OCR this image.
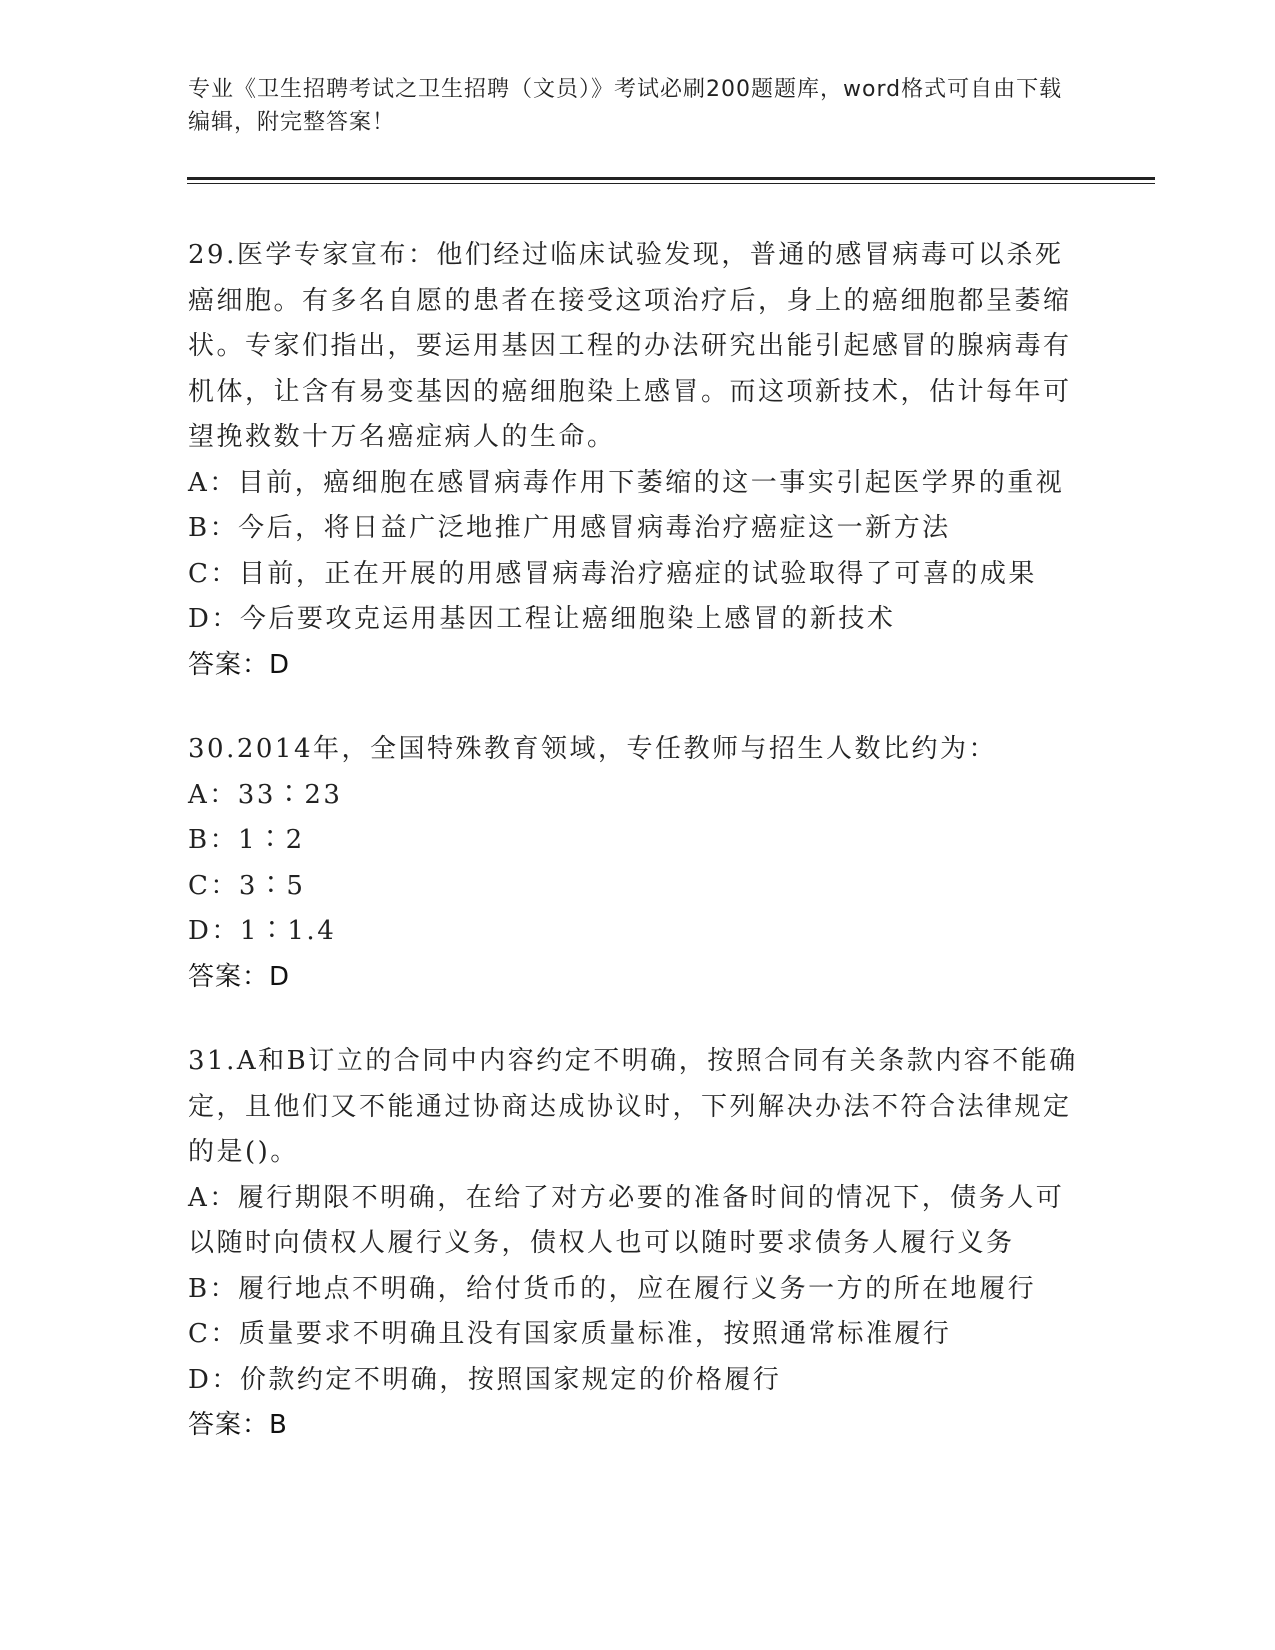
专业《卫生招聘考试之卫生招聘（文员）》考试必刷200题题库，word格式可自由下载编辑，附完整答案！

29.医学专家宣布：他们经过临床试验发现，普通的感冒病毒可以杀死癌细胞。有多名自愿的患者在接受这项治疗后，身上的癌细胞都呈萎缩状。专家们指出，要运用基因工程的办法研究出能引起感冒的腺病毒有机体，让含有易变基因的癌细胞染上感冒。而这项新技术，估计每年可望挽救数十万名癌症病人的生命。

A：目前，癌细胞在感冒病毒作用下萎缩的这一事实引起医学界的重视

B：今后，将日益广泛地推广用感冒病毒治疗癌症这一新方法

C：目前，正在开展的用感冒病毒治疗癌症的试验取得了可喜的成果

D：今后要攻克运用基因工程让癌细胞染上感冒的新技术

答案：D

30.2014年，全国特殊教育领域，专任教师与招生人数比约为：

A：33∶23

B：1∶2

C：3∶5

D：1∶1.4

答案：D

31.A和B订立的合同中内容约定不明确，按照合同有关条款内容不能确定，且他们又不能通过协商达成协议时，下列解决办法不符合法律规定的是()。

A：履行期限不明确，在给了对方必要的准备时间的情况下，债务人可以随时向债权人履行义务，债权人也可以随时要求债务人履行义务

B：履行地点不明确，给付货币的，应在履行义务一方的所在地履行

C：质量要求不明确且没有国家质量标准，按照通常标准履行

D：价款约定不明确，按照国家规定的价格履行

答案：B
